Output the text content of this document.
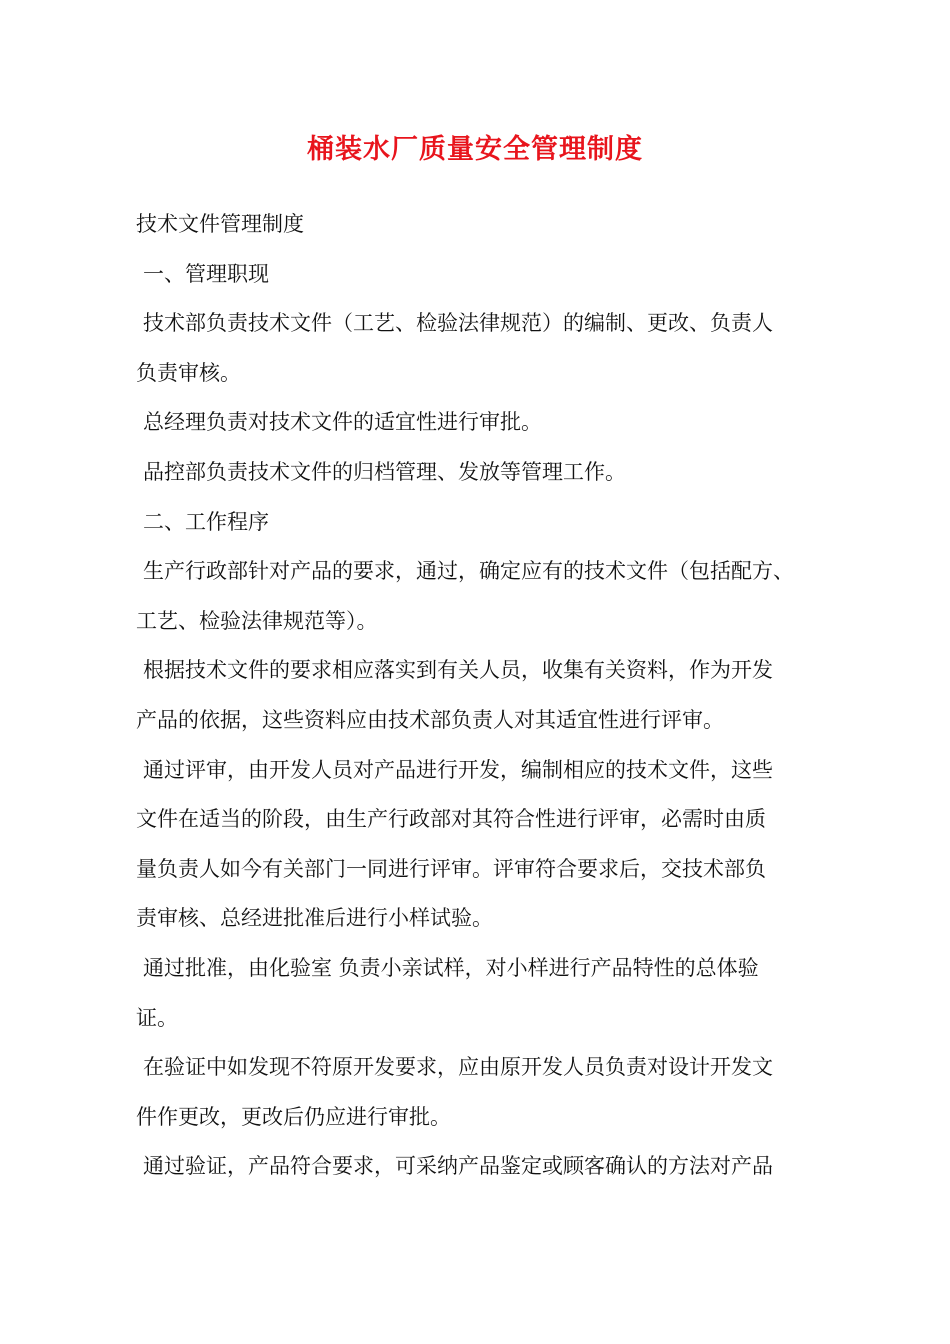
桶装水厂质量安全管理制度
技术文件管理制度
一、管理职现
技术部负责技术文件（工艺、检验法律规范）的编制、更改、负责人
负责审核。
总经理负责对技术文件的适宜性进行审批。
品控部负责技术文件的归档管理、发放等管理工作。
二、工作程序
生产行政部针对产品的要求，通过，确定应有的技术文件（包括配方、
工艺、检验法律规范等）。
根据技术文件的要求相应落实到有关人员，收集有关资料，作为开发
产品的依据，这些资料应由技术部负责人对其适宜性进行评审。
通过评审，由开发人员对产品进行开发，编制相应的技术文件，这些
文件在适当的阶段，由生产行政部对其符合性进行评审，必需时由质
量负责人如今有关部门一同进行评审。评审符合要求后，交技术部负
责审核、总经进批准后进行小样试验。
通过批准，由化验室 负责小亲试样，对小样进行产品特性的总体验
证。
在验证中如发现不符原开发要求，应由原开发人员负责对设计开发文
件作更改，更改后仍应进行审批。
通过验证，产品符合要求，可采纳产品鉴定或顾客确认的方法对产品
